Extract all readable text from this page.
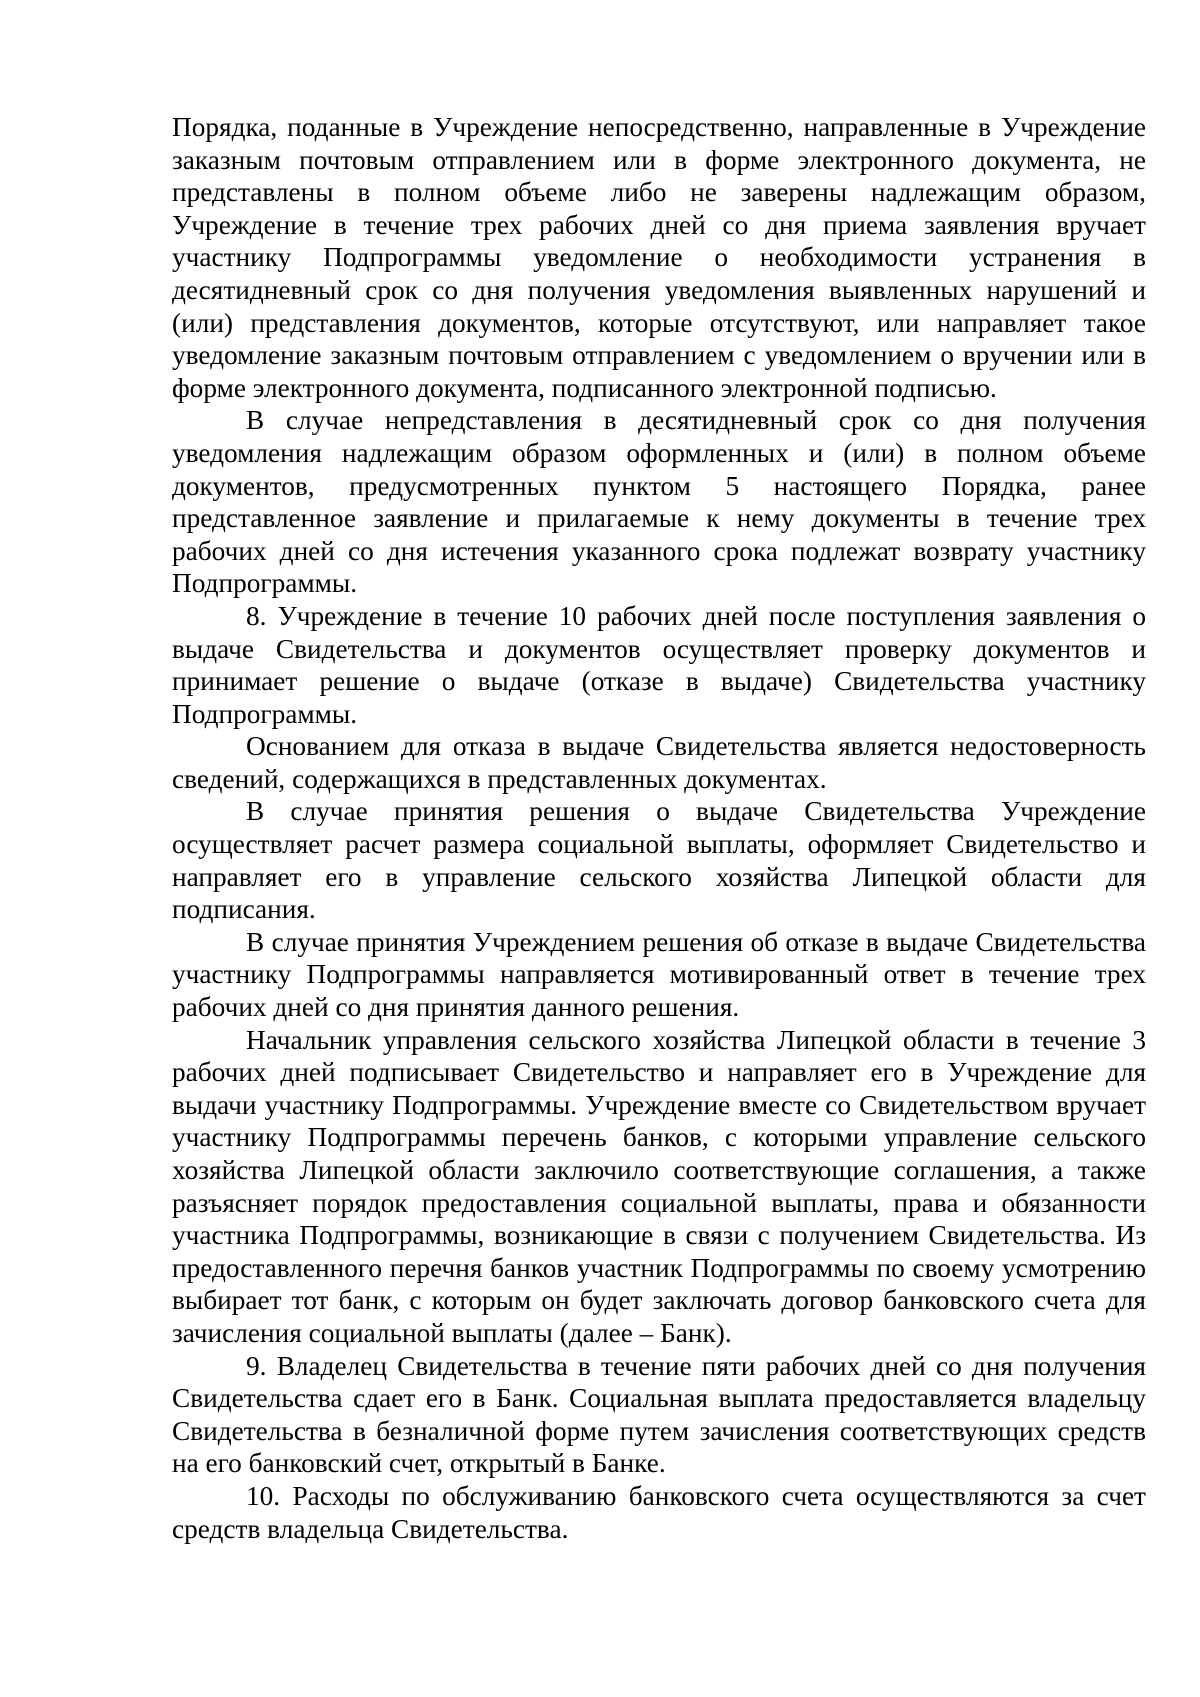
Порядка, поданные в Учреждение непосредственно, направленные в Учреждение заказным почтовым отправлением или в форме электронного документа, не представлены в полном объеме либо не заверены надлежащим образом, Учреждение в течение трех рабочих дней со дня приема заявления вручает участнику Подпрограммы уведомление о необходимости устранения в десятидневный срок со дня получения уведомления выявленных нарушений и (или) представления документов, которые отсутствуют, или направляет такое уведомление заказным почтовым отправлением с уведомлением о вручении или в форме электронного документа, подписанного электронной подписью.

В случае непредставления в десятидневный срок со дня получения уведомления надлежащим образом оформленных и (или) в полном объеме документов, предусмотренных пунктом 5 настоящего Порядка, ранее представленное заявление и прилагаемые к нему документы в течение трех рабочих дней со дня истечения указанного срока подлежат возврату участнику Подпрограммы.

8. Учреждение в течение 10 рабочих дней после поступления заявления о выдаче Свидетельства и документов осуществляет проверку документов и принимает решение о выдаче (отказе в выдаче) Свидетельства участнику Подпрограммы.

Основанием для отказа в выдаче Свидетельства является недостоверность сведений, содержащихся в представленных документах.

В случае принятия решения о выдаче Свидетельства Учреждение осуществляет расчет размера социальной выплаты, оформляет Свидетельство и направляет его в управление сельского хозяйства Липецкой области для подписания.

В случае принятия Учреждением решения об отказе в выдаче Свидетельства участнику Подпрограммы направляется мотивированный ответ в течение трех рабочих дней со дня принятия данного решения.

Начальник управления сельского хозяйства Липецкой области в течение 3 рабочих дней подписывает Свидетельство и направляет его в Учреждение для выдачи участнику Подпрограммы. Учреждение вместе со Свидетельством вручает участнику Подпрограммы перечень банков, с которыми управление сельского хозяйства Липецкой области заключило соответствующие соглашения, а также разъясняет порядок предоставления социальной выплаты, права и обязанности участника Подпрограммы, возникающие в связи с получением Свидетельства. Из предоставленного перечня банков участник Подпрограммы по своему усмотрению выбирает тот банк, с которым он будет заключать договор банковского счета для зачисления социальной выплаты (далее – Банк).

9. Владелец Свидетельства в течение пяти рабочих дней со дня получения Свидетельства сдает его в Банк. Социальная выплата предоставляется владельцу Свидетельства в безналичной форме путем зачисления соответствующих средств на его банковский счет, открытый в Банке.

10. Расходы по обслуживанию банковского счета осуществляются за счет средств владельца Свидетельства.
